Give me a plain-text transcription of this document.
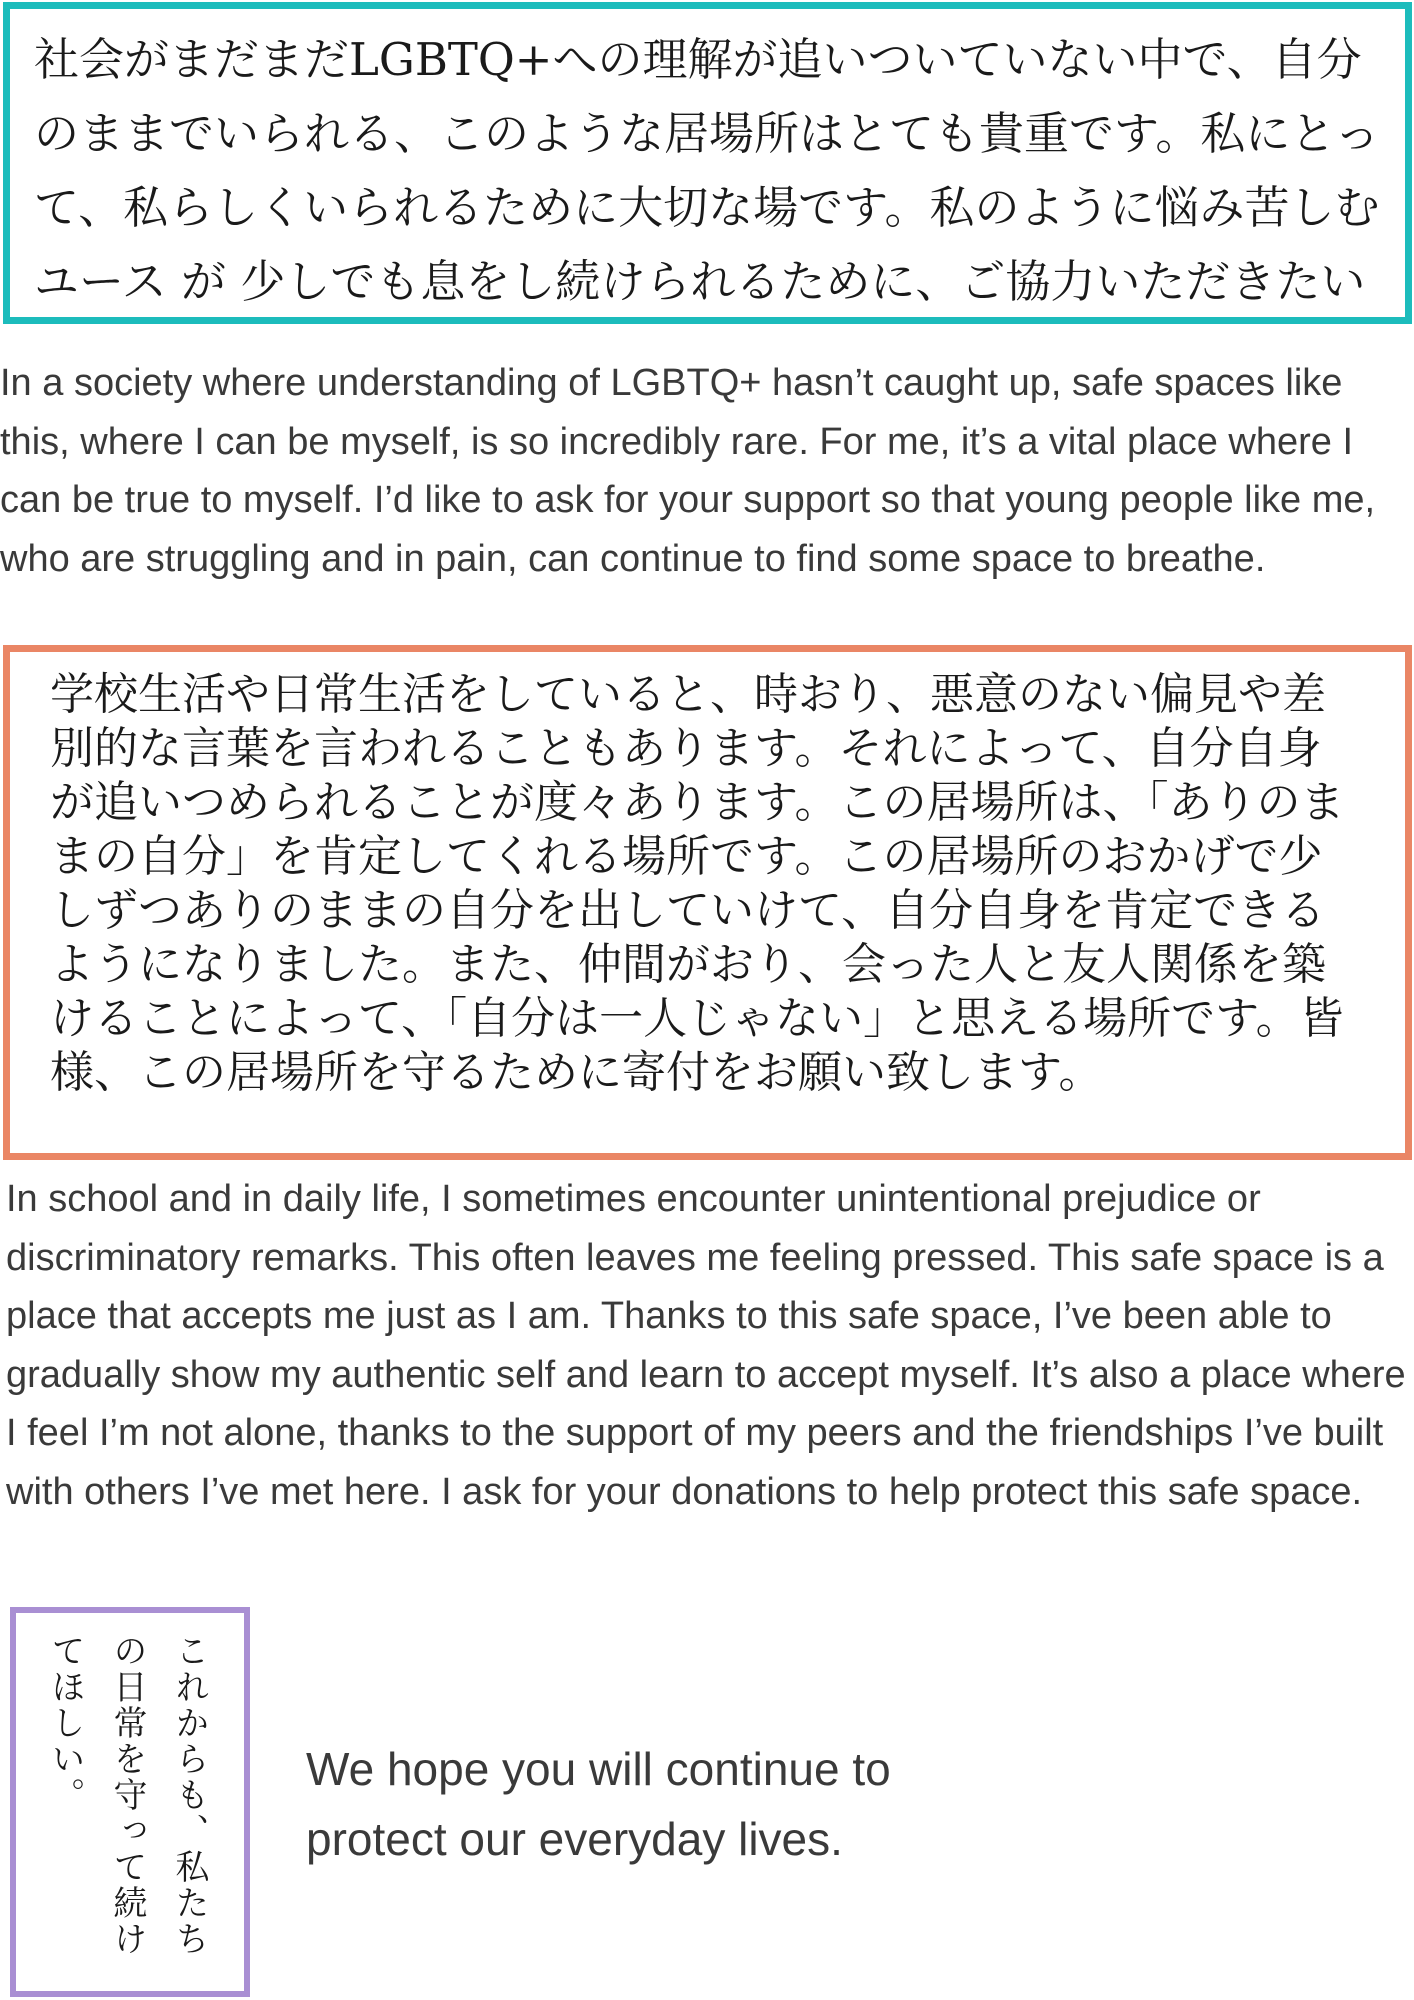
社会がまだまだLGBTQ+への理解が追いついていない中で、自分のままでいられる、このような居場所はとても貴重です。私にとって、私らしくいられるために大切な場です。私のように悩み苦しむユース が 少しでも息をし続けられるために、ご協力いただきたい
In a society where understanding of LGBTQ+ hasn’t caught up, safe spaces like this, where I can be myself, is so incredibly rare. For me, it’s a vital place where I can be true to myself. I’d like to ask for your support so that young people like me, who are struggling and in pain, can continue to find some space to breathe.
学校生活や日常生活をしていると、時おり、悪意のない偏見や差別的な言葉を言われることもあります。それによって、自分自身が追いつめられることが度々あります。この居場所は、「ありのままの自分」を肯定してくれる場所です。この居場所のおかげで少しずつありのままの自分を出していけて、自分自身を肯定できるようになりました。また、仲間がおり、会った人と友人関係を築けることによって、「自分は一人じゃない」と思える場所です。皆様、この居場所を守るために寄付をお願い致します。
In school and in daily life, I sometimes encounter unintentional prejudice or discriminatory remarks. This often leaves me feeling pressed. This safe space is a place that accepts me just as I am. Thanks to this safe space, I’ve been able to gradually show my authentic self and learn to accept myself. It’s also a place where I feel I’m not alone, thanks to the support of my peers and the friendships I’ve built with others I’ve met here. I ask for your donations to help protect this safe space.
これからも、私たちの日常を守って続けてほしい。	We hope you will continue to protect our everyday lives.
